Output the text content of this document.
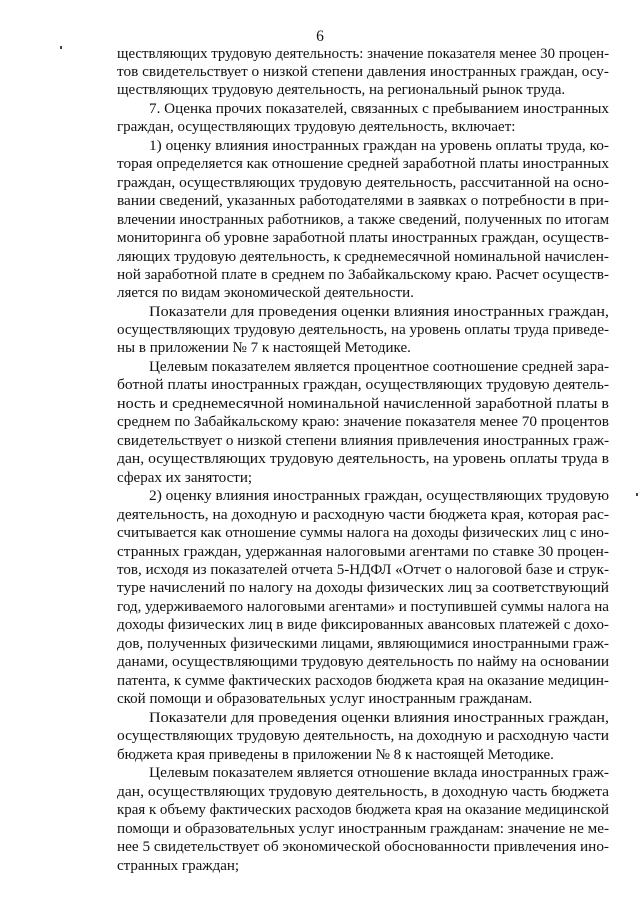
6
ществляющих трудовую деятельность: значение показателя менее 30 процен-
тов свидетельствует о низкой степени давления иностранных граждан, осу-
ществляющих трудовую деятельность, на региональный рынок труда.
7. Оценка прочих показателей, связанных с пребыванием иностранных
граждан, осуществляющих трудовую деятельность, включает:
1) оценку влияния иностранных граждан на уровень оплаты труда, ко-
торая определяется как отношение средней заработной платы иностранных
граждан, осуществляющих трудовую деятельность, рассчитанной на осно-
вании сведений, указанных работодателями в заявках о потребности в при-
влечении иностранных работников, а также сведений, полученных по итогам
мониторинга об уровне заработной платы иностранных граждан, осуществ-
ляющих трудовую деятельность, к среднемесячной номинальной начислен-
ной заработной плате в среднем по Забайкальскому краю. Расчет осуществ-
ляется по видам экономической деятельности.
Показатели для проведения оценки влияния иностранных граждан,
осуществляющих трудовую деятельность, на уровень оплаты труда приведе-
ны в приложении № 7 к настоящей Методике.
Целевым показателем является процентное соотношение средней зара-
ботной платы иностранных граждан, осуществляющих трудовую деятель-
ность и среднемесячной номинальной начисленной заработной платы в
среднем по Забайкальскому краю: значение показателя менее 70 процентов
свидетельствует о низкой степени влияния привлечения иностранных граж-
дан, осуществляющих трудовую деятельность, на уровень оплаты труда в
сферах их занятости;
2) оценку влияния иностранных граждан, осуществляющих трудовую
деятельность, на доходную и расходную части бюджета края, которая рас-
считывается как отношение суммы налога на доходы физических лиц с ино-
странных граждан, удержанная налоговыми агентами по ставке 30 процен-
тов, исходя из показателей отчета 5-НДФЛ «Отчет о налоговой базе и струк-
туре начислений по налогу на доходы физических лиц за соответствующий
год, удерживаемого налоговыми агентами» и поступившей суммы налога на
доходы физических лиц в виде фиксированных авансовых платежей с дохо-
дов, полученных физическими лицами, являющимися иностранными граж-
данами, осуществляющими трудовую деятельность по найму на основании
патента, к сумме фактических расходов бюджета края на оказание медицин-
ской помощи и образовательных услуг иностранным гражданам.
Показатели для проведения оценки влияния иностранных граждан,
осуществляющих трудовую деятельность, на доходную и расходную части
бюджета края приведены в приложении № 8 к настоящей Методике.
Целевым показателем является отношение вклада иностранных граж-
дан, осуществляющих трудовую деятельность, в доходную часть бюджета
края к объему фактических расходов бюджета края на оказание медицинской
помощи и образовательных услуг иностранным гражданам: значение не ме-
нее 5 свидетельствует об экономической обоснованности привлечения ино-
странных граждан;
